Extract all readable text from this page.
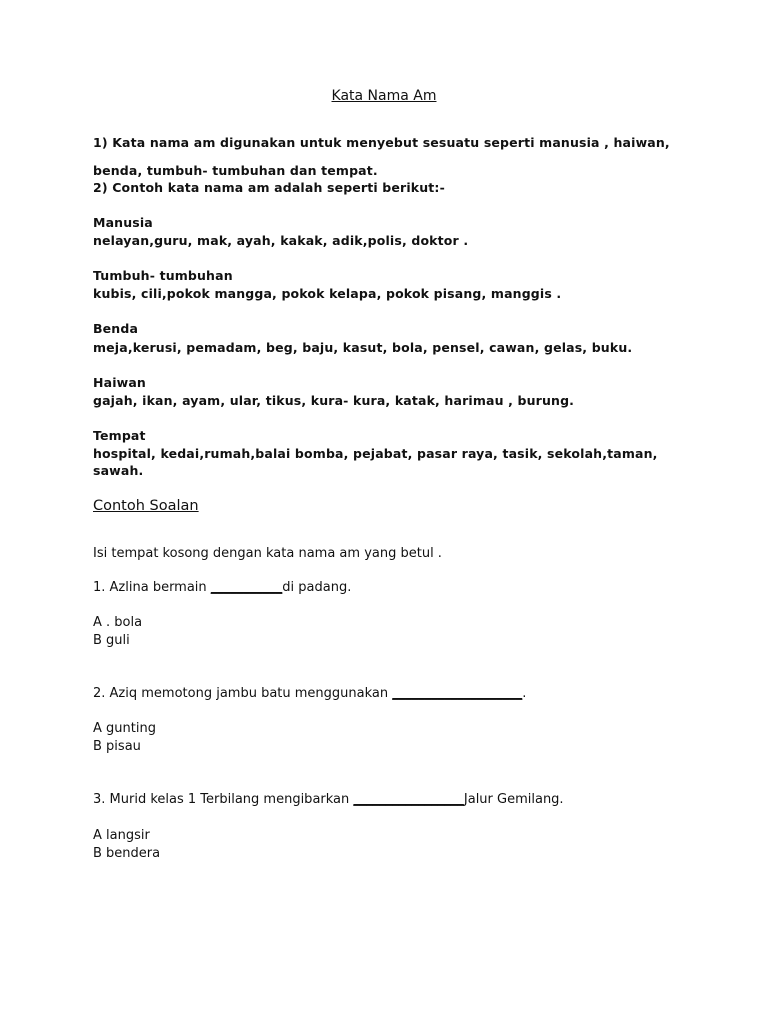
Kata Nama Am
1) Kata nama am digunakan untuk menyebut sesuatu seperti manusia , haiwan,
benda, tumbuh- tumbuhan dan tempat.
2) Contoh kata nama am adalah seperti berikut:-
Manusia
nelayan,guru, mak, ayah, kakak, adik,polis, doktor .
Tumbuh- tumbuhan
kubis, cili,pokok mangga, pokok kelapa, pokok pisang, manggis .
Benda
meja,kerusi, pemadam, beg, baju, kasut, bola, pensel, cawan, gelas, buku.
Haiwan
gajah, ikan, ayam, ular, tikus, kura- kura, katak, harimau , burung.
Tempat
hospital, kedai,rumah,balai bomba, pejabat, pasar raya, tasik, sekolah,taman,
sawah.
Contoh Soalan
Isi tempat kosong dengan kata nama am yang betul .
1. Azlina bermain ___________di padang.
A . bola
B guli
2. Aziq memotong jambu batu menggunakan ____________________.
A gunting
B pisau
3. Murid kelas 1 Terbilang mengibarkan _________________Jalur Gemilang.
A langsir
B bendera
